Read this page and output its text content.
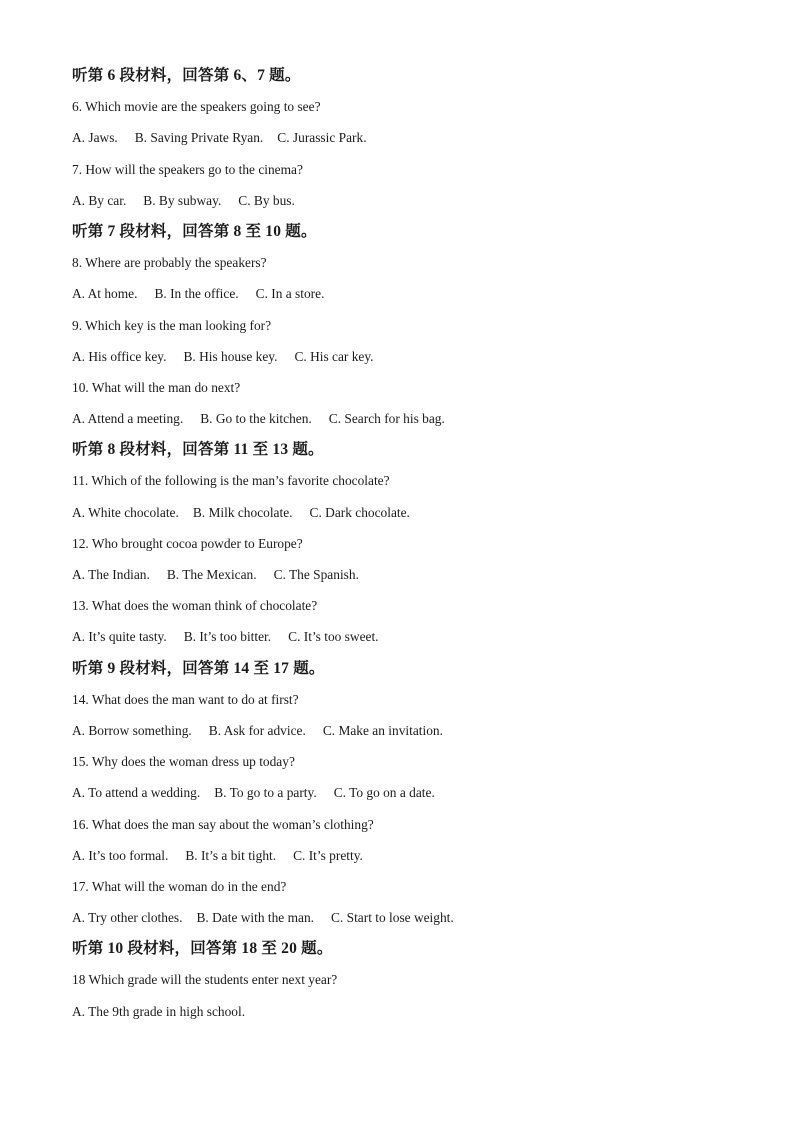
听第 6 段材料，回答第 6、7 题。
6. Which movie are the speakers going to see?
A. Jaws. B. Saving Private Ryan. C. Jurassic Park.
7. How will the speakers go to the cinema?
A. By car. B. By subway. C. By bus.
听第 7 段材料，回答第 8 至 10 题。
8. Where are probably the speakers?
A. At home. B. In the office. C. In a store.
9. Which key is the man looking for?
A. His office key. B. His house key. C. His car key.
10. What will the man do next?
A. Attend a meeting. B. Go to the kitchen. C. Search for his bag.
听第 8 段材料，回答第 11 至 13 题。
11. Which of the following is the man’s favorite chocolate?
A. White chocolate. B. Milk chocolate. C. Dark chocolate.
12. Who brought cocoa powder to Europe?
A. The Indian. B. The Mexican. C. The Spanish.
13. What does the woman think of chocolate?
A. It’s quite tasty. B. It’s too bitter. C. It’s too sweet.
听第 9 段材料，回答第 14 至 17 题。
14. What does the man want to do at first?
A. Borrow something. B. Ask for advice. C. Make an invitation.
15. Why does the woman dress up today?
A. To attend a wedding. B. To go to a party. C. To go on a date.
16. What does the man say about the woman’s clothing?
A. It’s too formal. B. It’s a bit tight. C. It’s pretty.
17. What will the woman do in the end?
A. Try other clothes. B. Date with the man. C. Start to lose weight.
听第 10 段材料，回答第 18 至 20 题。
18 Which grade will the students enter next year?
A. The 9th grade in high school.
